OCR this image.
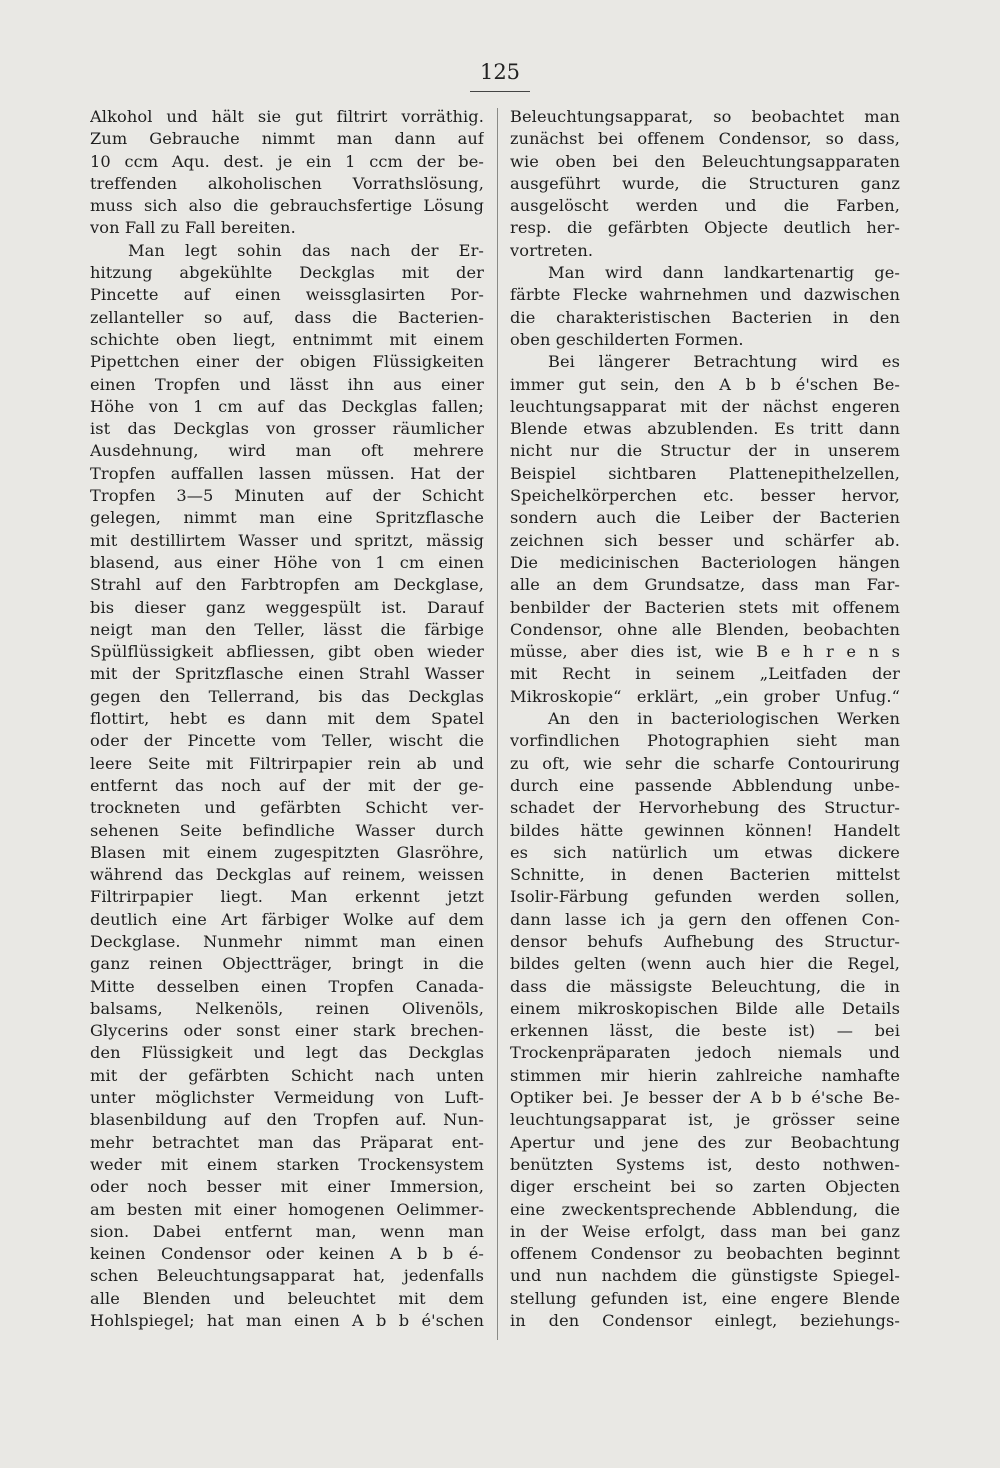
125
Alkohol und hält sie gut filtrirt vorräthig.
Zum Gebrauche nimmt man dann auf
10 ccm Aqu. dest. je ein 1 ccm der be-
treffenden alkoholischen Vorrathslösung,
muss sich also die gebrauchsfertige Lösung
von Fall zu Fall bereiten.
Man legt sohin das nach der Er-
hitzung abgekühlte Deckglas mit der
Pincette auf einen weissglasirten Por-
zellanteller so auf, dass die Bacterien-
schichte oben liegt, entnimmt mit einem
Pipettchen einer der obigen Flüssigkeiten
einen Tropfen und lässt ihn aus einer
Höhe von 1 cm auf das Deckglas fallen;
ist das Deckglas von grosser räumlicher
Ausdehnung, wird man oft mehrere
Tropfen auffallen lassen müssen. Hat der
Tropfen 3—5 Minuten auf der Schicht
gelegen, nimmt man eine Spritzflasche
mit destillirtem Wasser und spritzt, mässig
blasend, aus einer Höhe von 1 cm einen
Strahl auf den Farbtropfen am Deckglase,
bis dieser ganz weggespült ist. Darauf
neigt man den Teller, lässt die färbige
Spülflüssigkeit abfliessen, gibt oben wieder
mit der Spritzflasche einen Strahl Wasser
gegen den Tellerrand, bis das Deckglas
flottirt, hebt es dann mit dem Spatel
oder der Pincette vom Teller, wischt die
leere Seite mit Filtrirpapier rein ab und
entfernt das noch auf der mit der ge-
trockneten und gefärbten Schicht ver-
sehenen Seite befindliche Wasser durch
Blasen mit einem zugespitzten Glasröhre,
während das Deckglas auf reinem, weissen
Filtrirpapier liegt. Man erkennt jetzt
deutlich eine Art färbiger Wolke auf dem
Deckglase. Nunmehr nimmt man einen
ganz reinen Objectträger, bringt in die
Mitte desselben einen Tropfen Canada-
balsams, Nelkenöls, reinen Olivenöls,
Glycerins oder sonst einer stark brechen-
den Flüssigkeit und legt das Deckglas
mit der gefärbten Schicht nach unten
unter möglichster Vermeidung von Luft-
blasenbildung auf den Tropfen auf. Nun-
mehr betrachtet man das Präparat ent-
weder mit einem starken Trockensystem
oder noch besser mit einer Immersion,
am besten mit einer homogenen Oelimmer-
sion. Dabei entfernt man, wenn man
keinen Condensor oder keinen A b b é-
schen Beleuchtungsapparat hat, jedenfalls
alle Blenden und beleuchtet mit dem
Hohlspiegel; hat man einen A b b é'schen
Beleuchtungsapparat, so beobachtet man
zunächst bei offenem Condensor, so dass,
wie oben bei den Beleuchtungsapparaten
ausgeführt wurde, die Structuren ganz
ausgelöscht werden und die Farben,
resp. die gefärbten Objecte deutlich her-
vortreten.
Man wird dann landkartenartig ge-
färbte Flecke wahrnehmen und dazwischen
die charakteristischen Bacterien in den
oben geschilderten Formen.
Bei längerer Betrachtung wird es
immer gut sein, den A b b é'schen Be-
leuchtungsapparat mit der nächst engeren
Blende etwas abzublenden. Es tritt dann
nicht nur die Structur der in unserem
Beispiel sichtbaren Plattenepithelzellen,
Speichelkörperchen etc. besser hervor,
sondern auch die Leiber der Bacterien
zeichnen sich besser und schärfer ab.
Die medicinischen Bacteriologen hängen
alle an dem Grundsatze, dass man Far-
benbilder der Bacterien stets mit offenem
Condensor, ohne alle Blenden, beobachten
müsse, aber dies ist, wie B e h r e n s
mit Recht in seinem „Leitfaden der
Mikroskopie“ erklärt, „ein grober Unfug.“
An den in bacteriologischen Werken
vorfindlichen Photographien sieht man
zu oft, wie sehr die scharfe Contourirung
durch eine passende Abblendung unbe-
schadet der Hervorhebung des Structur-
bildes hätte gewinnen können! Handelt
es sich natürlich um etwas dickere
Schnitte, in denen Bacterien mittelst
Isolir-Färbung gefunden werden sollen,
dann lasse ich ja gern den offenen Con-
densor behufs Aufhebung des Structur-
bildes gelten (wenn auch hier die Regel,
dass die mässigste Beleuchtung, die in
einem mikroskopischen Bilde alle Details
erkennen lässt, die beste ist) — bei
Trockenpräparaten jedoch niemals und
stimmen mir hierin zahlreiche namhafte
Optiker bei. Je besser der A b b é'sche Be-
leuchtungsapparat ist, je grösser seine
Apertur und jene des zur Beobachtung
benützten Systems ist, desto nothwen-
diger erscheint bei so zarten Objecten
eine zweckentsprechende Abblendung, die
in der Weise erfolgt, dass man bei ganz
offenem Condensor zu beobachten beginnt
und nun nachdem die günstigste Spiegel-
stellung gefunden ist, eine engere Blende
in den Condensor einlegt, beziehungs-
